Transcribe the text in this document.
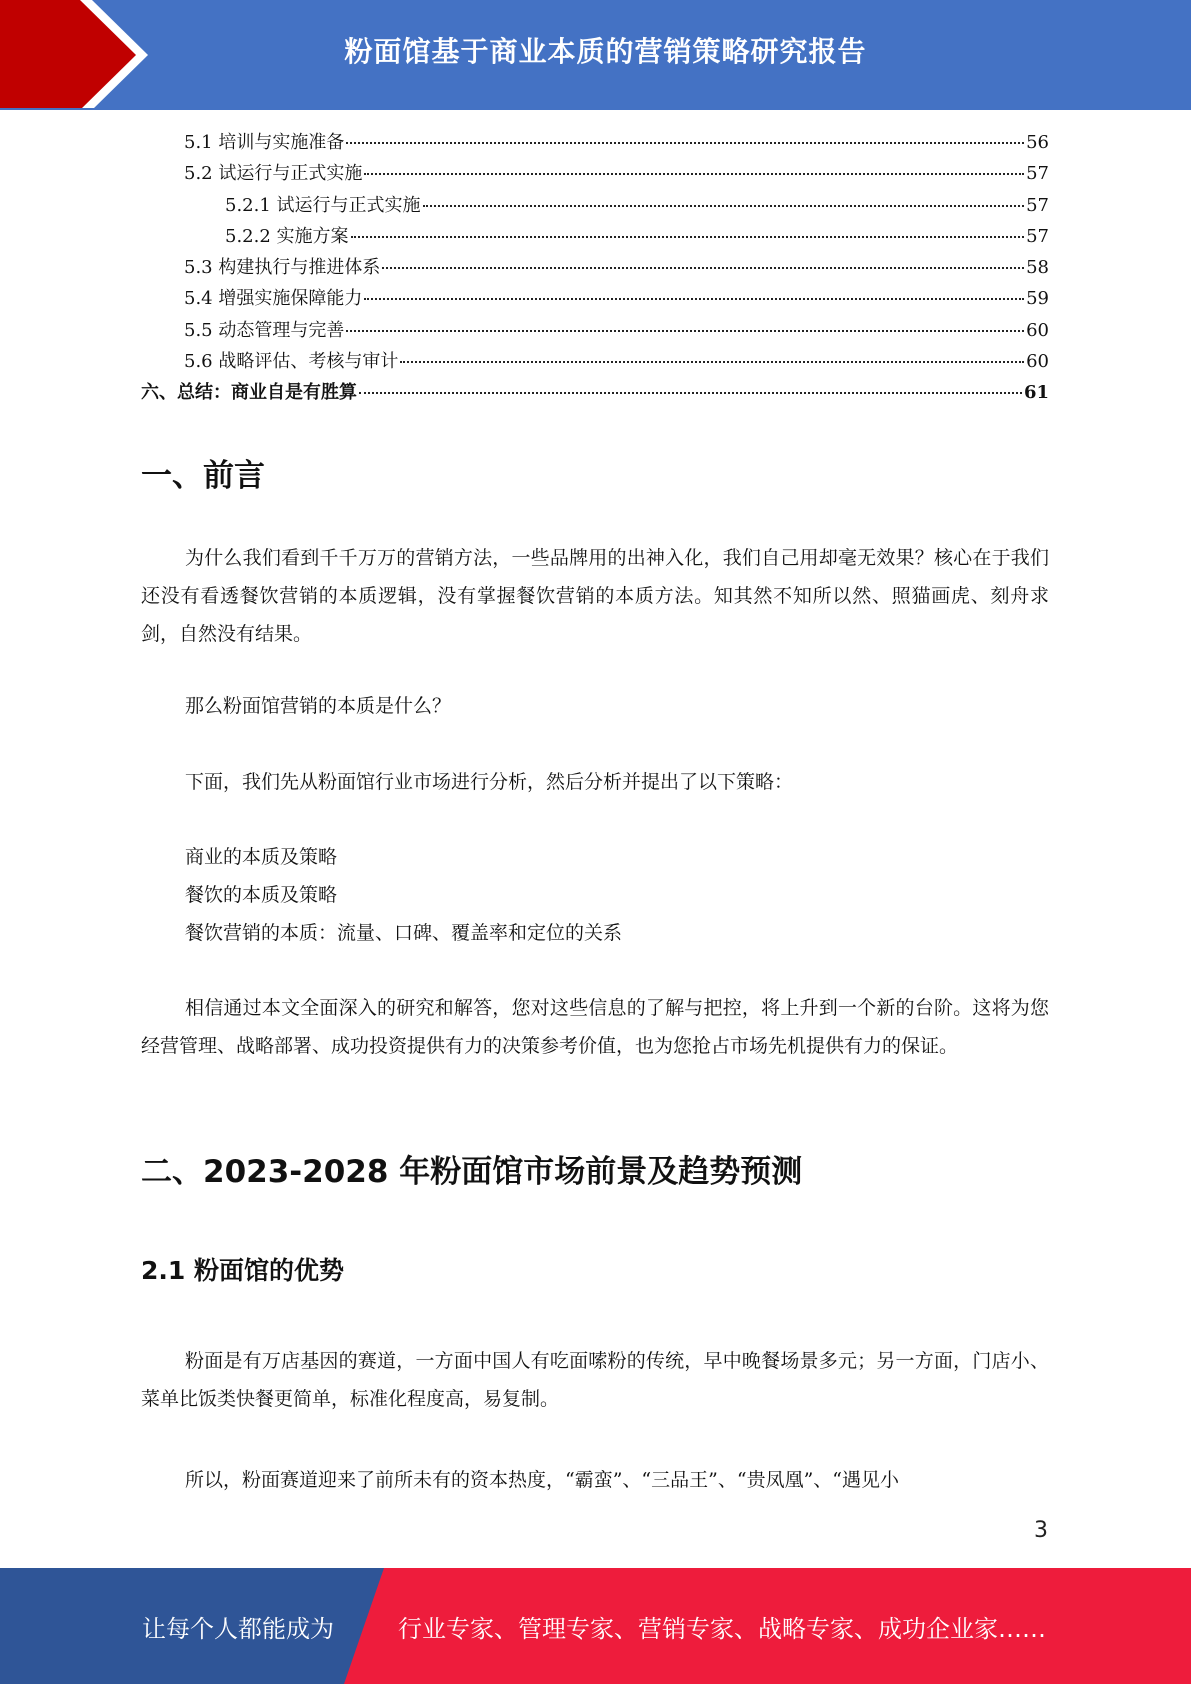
粉面馆基于商业本质的营销策略研究报告
5.1 培训与实施准备	56
5.2 试运行与正式实施	57
5.2.1 试运行与正式实施	57
5.2.2 实施方案	57
5.3 构建执行与推进体系	58
5.4 增强实施保障能力	59
5.5 动态管理与完善	60
5.6 战略评估、考核与审计	60
六、总结：商业自是有胜算	61
一、前言

为什么我们看到千千万万的营销方法，一些品牌用的出神入化，我们自己用却毫无效果？核心在于我们还没有看透餐饮营销的本质逻辑，没有掌握餐饮营销的本质方法。知其然不知所以然、照猫画虎、刻舟求剑，自然没有结果。

那么粉面馆营销的本质是什么？
下面，我们先从粉面馆行业市场进行分析，然后分析并提出了以下策略：
商业的本质及策略
餐饮的本质及策略
餐饮营销的本质：流量、口碑、覆盖率和定位的关系

相信通过本文全面深入的研究和解答，您对这些信息的了解与把控，将上升到一个新的台阶。这将为您经营管理、战略部署、成功投资提供有力的决策参考价值，也为您抢占市场先机提供有力的保证。

二、2023-2028 年粉面馆市场前景及趋势预测
2.1 粉面馆的优势

粉面是有万店基因的赛道，一方面中国人有吃面嗦粉的传统，早中晚餐场景多元；另一方面，门店小、菜单比饭类快餐更简单，标准化程度高，易复制。

所以，粉面赛道迎来了前所未有的资本热度，“霸蛮”、“三品王”、“贵凤凰”、“遇见小
3
让每个人都能成为	行业专家、管理专家、营销专家、战略专家、成功企业家……
